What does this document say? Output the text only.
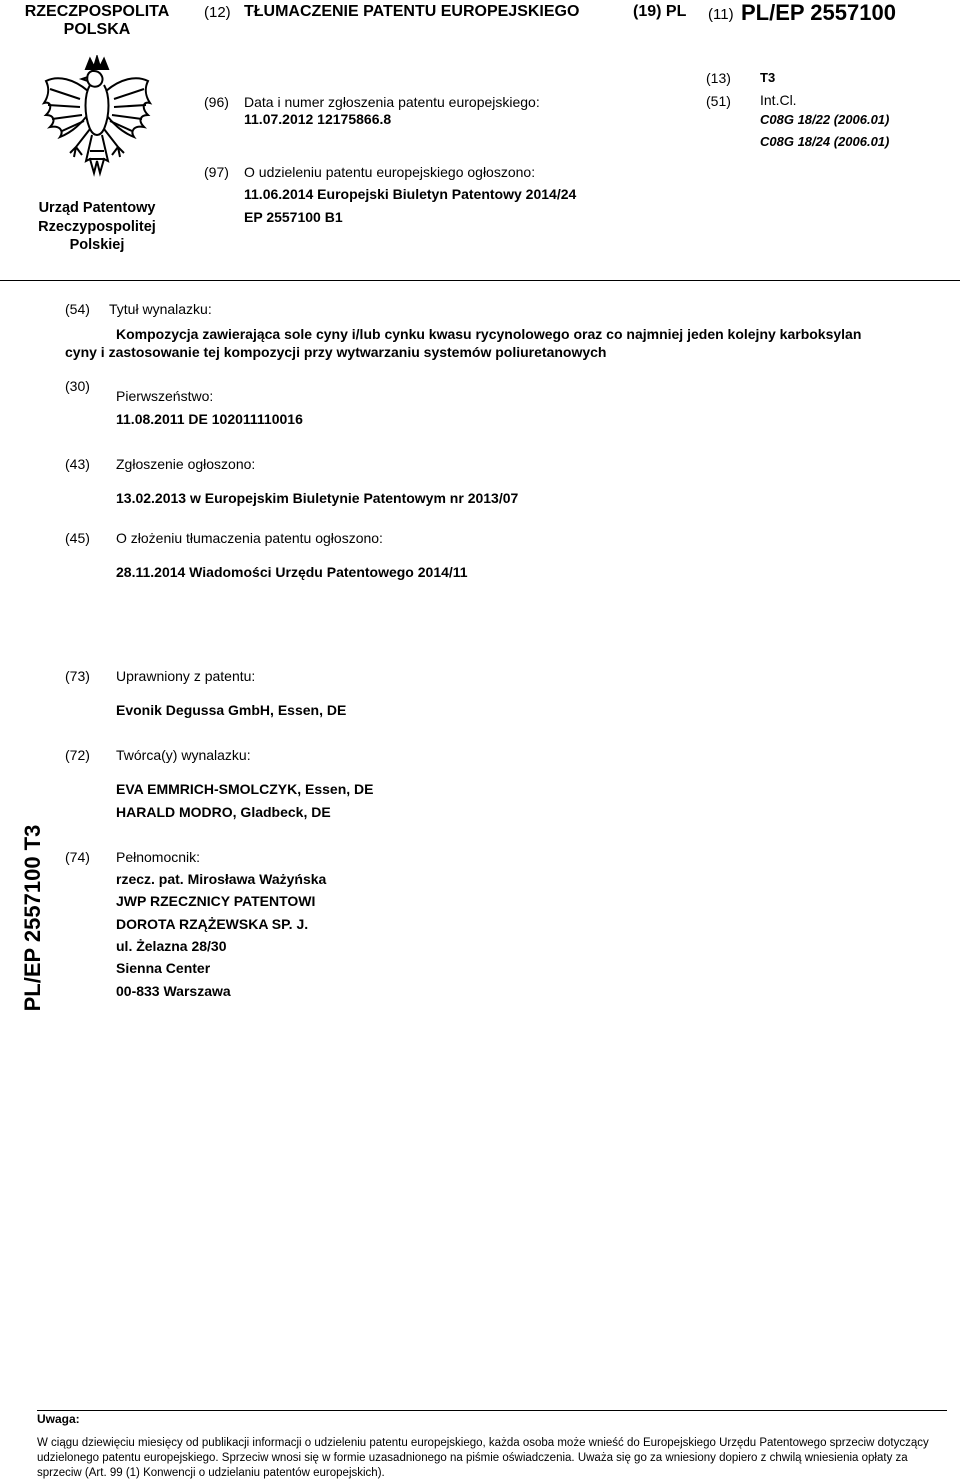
RZECZPOSPOLITA
POLSKA
(12) TŁUMACZENIE PATENTU EUROPEJSKIEGO	(19) PL (11) PL/EP 2557100
Urząd Patentowy
Rzeczypospolitej
Polskiej
(96) Data i numer zgłoszenia patentu europejskiego:
11.07.2012 12175866.8
(97) O udzieleniu patentu europejskiego ogłoszono:
11.06.2014 Europejski Biuletyn Patentowy 2014/24
EP 2557100 B1
(13) T3
(51) Int.Cl.
C08G 18/22 (2006.01)
C08G 18/24 (2006.01)
(54) Tytuł wynalazku:
Kompozycja zawierająca sole cyny i/lub cynku kwasu rycynolowego oraz co najmniej jeden kolejny karboksylan
cyny i zastosowanie tej kompozycji przy wytwarzaniu systemów poliuretanowych
(30)
Pierwszeństwo:
11.08.2011 DE 102011110016
(43) Zgłoszenie ogłoszono:
13.02.2013 w Europejskim Biuletynie Patentowym nr 2013/07
(45) O złożeniu tłumaczenia patentu ogłoszono:
28.11.2014 Wiadomości Urzędu Patentowego 2014/11
(73) Uprawniony z patentu:
Evonik Degussa GmbH, Essen, DE
(72) Twórca(y) wynalazku:
EVA EMMRICH-SMOLCZYK, Essen, DE
HARALD MODRO, Gladbeck, DE
(74) Pełnomocnik:
rzecz. pat. Mirosława Ważyńska
JWP RZECZNICY PATENTOWI
DOROTA RZĄŻEWSKA SP. J.
ul. Żelazna 28/30
Sienna Center
00-833 Warszawa
PL/EP 2557100 T3
Uwaga:
W ciągu dziewięciu miesięcy od publikacji informacji o udzieleniu patentu europejskiego, każda osoba może wnieść do Europejskiego Urzędu Patentowego sprzeciw dotyczący
udzielonego patentu europejskiego. Sprzeciw wnosi się w formie uzasadnionego na piśmie oświadczenia. Uważa się go za wniesiony dopiero z chwilą wniesienia opłaty za
sprzeciw (Art. 99 (1) Konwencji o udzielaniu patentów europejskich).
